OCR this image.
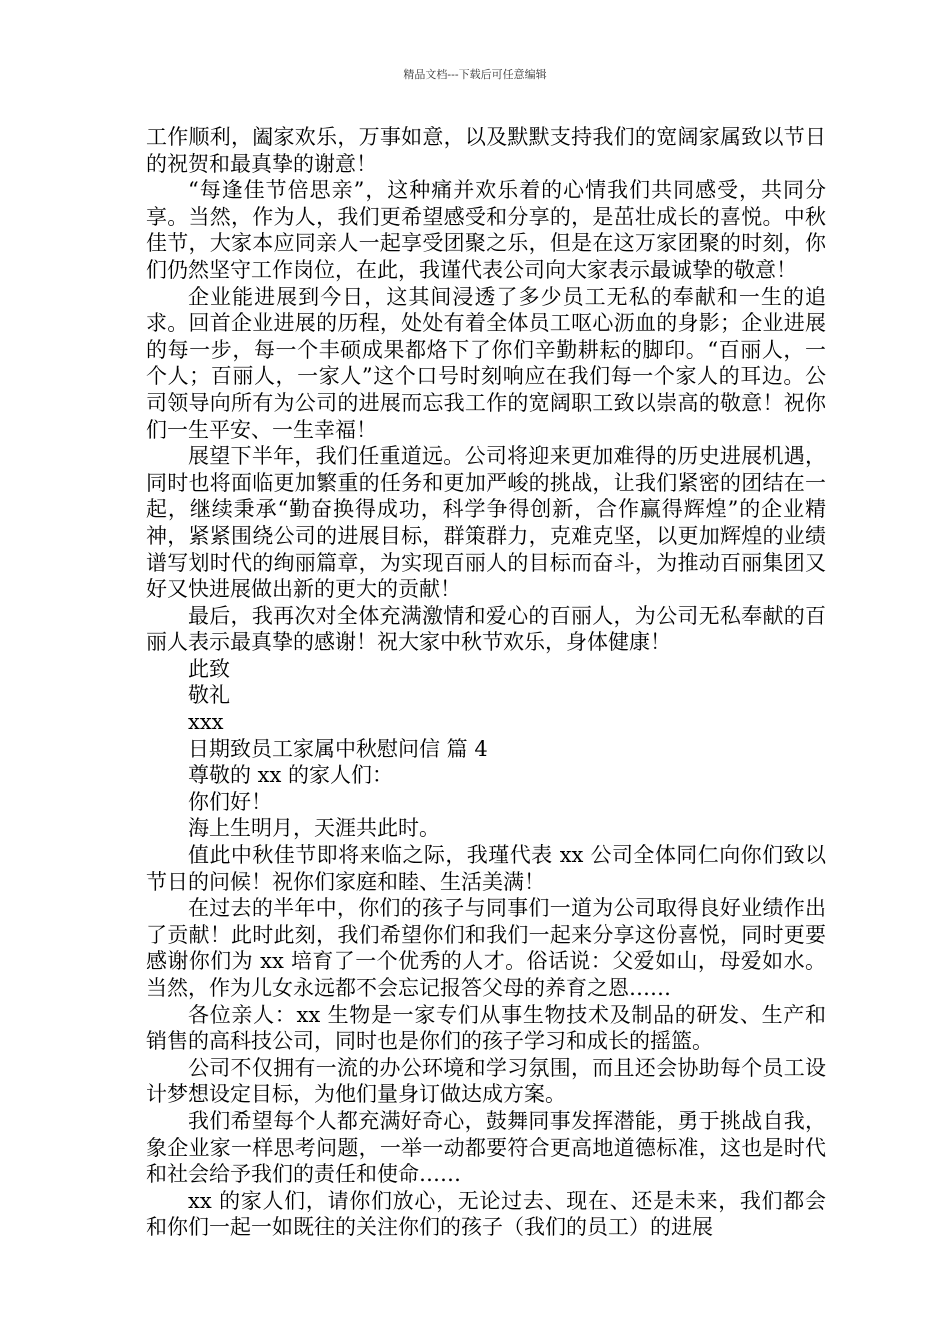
精品文档---下载后可任意编辑

工作顺利，阖家欢乐，万事如意，以及默默支持我们的宽阔家属致以节日的祝贺和最真挚的谢意！

“每逢佳节倍思亲”，这种痛并欢乐着的心情我们共同感受，共同分享。当然，作为人，我们更希望感受和分享的，是茁壮成长的喜悦。中秋佳节，大家本应同亲人一起享受团聚之乐，但是在这万家团聚的时刻，你们仍然坚守工作岗位，在此，我谨代表公司向大家表示最诚挚的敬意！

企业能进展到今日，这其间浸透了多少员工无私的奉献和一生的追求。回首企业进展的历程，处处有着全体员工呕心沥血的身影；企业进展的每一步，每一个丰硕成果都烙下了你们辛勤耕耘的脚印。“百丽人，一个人；百丽人，一家人”这个口号时刻响应在我们每一个家人的耳边。公司领导向所有为公司的进展而忘我工作的宽阔职工致以崇高的敬意！祝你们一生平安、一生幸福！

展望下半年，我们任重道远。公司将迎来更加难得的历史进展机遇，同时也将面临更加繁重的任务和更加严峻的挑战，让我们紧密的团结在一起，继续秉承“勤奋换得成功，科学争得创新，合作赢得辉煌”的企业精神，紧紧围绕公司的进展目标，群策群力，克难克坚，以更加辉煌的业绩谱写划时代的绚丽篇章，为实现百丽人的目标而奋斗，为推动百丽集团又好又快进展做出新的更大的贡献！

最后，我再次对全体充满激情和爱心的百丽人，为公司无私奉献的百丽人表示最真挚的感谢！祝大家中秋节欢乐，身体健康！

此致

敬礼

xxx

日期致员工家属中秋慰问信 篇 4

尊敬的 xx 的家人们：

你们好！

海上生明月，天涯共此时。

值此中秋佳节即将来临之际，我瑾代表 xx 公司全体同仁向你们致以节日的问候！祝你们家庭和睦、生活美满！

在过去的半年中，你们的孩子与同事们一道为公司取得良好业绩作出了贡献！此时此刻，我们希望你们和我们一起来分享这份喜悦，同时更要感谢你们为 xx 培育了一个优秀的人才。俗话说：父爱如山，母爱如水。当然，作为儿女永远都不会忘记报答父母的养育之恩……

各位亲人：xx 生物是一家专们从事生物技术及制品的研发、生产和销售的高科技公司，同时也是你们的孩子学习和成长的摇篮。

公司不仅拥有一流的办公环境和学习氛围，而且还会协助每个员工设计梦想设定目标，为他们量身订做达成方案。

我们希望每个人都充满好奇心，鼓舞同事发挥潜能，勇于挑战自我，象企业家一样思考问题，一举一动都要符合更高地道德标准，这也是时代和社会给予我们的责任和使命……

xx 的家人们，请你们放心，无论过去、现在、还是未来，我们都会和你们一起一如既往的关注你们的孩子（我们的员工）的进展
